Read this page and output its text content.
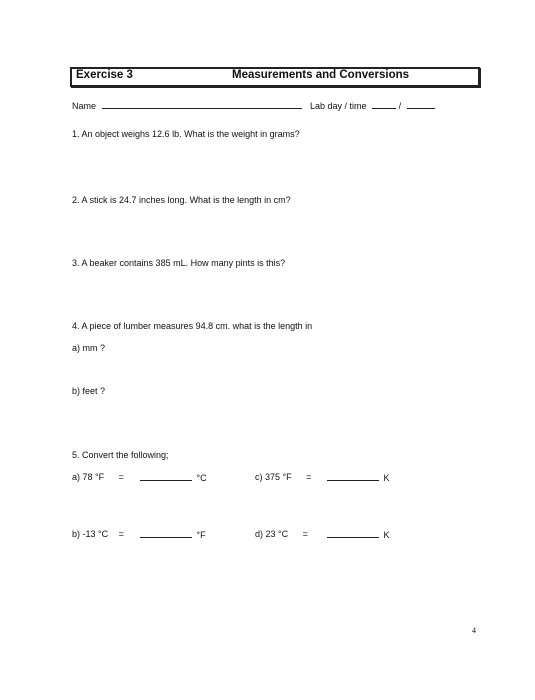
Exercise 3	Measurements and Conversions
Name	Lab day / time	/
1. An object weighs 12.6 lb. What is the weight in grams?
2. A stick is 24.7 inches long. What is the length in cm?
3. A beaker contains 385 mL. How many pints is this?
4. A piece of lumber measures 94.8 cm. what is the length in
a) mm ?
b) feet ?
5. Convert the following;
a) 78 °F =	°C	c) 375 °F =	K
b) -13 °C =	°F	d) 23 °C =	K
4
